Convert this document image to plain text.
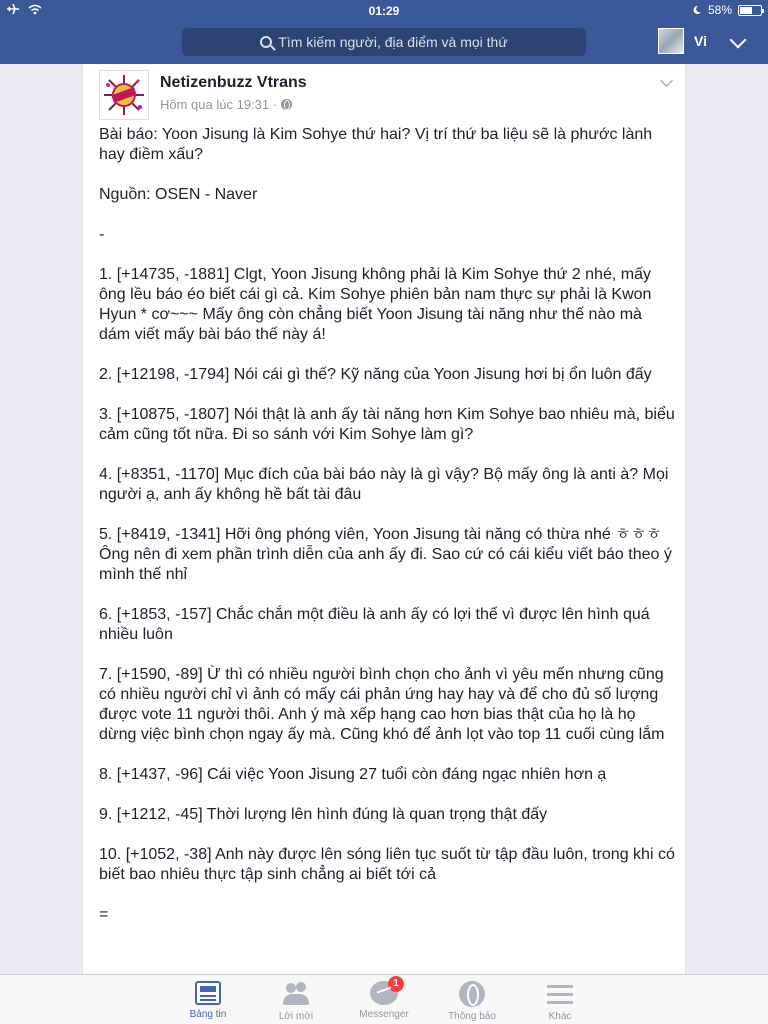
01:29	58%
Tìm kiếm người, địa điểm và mọi thứ	Vi
Netizenbuzz Vtrans
Hôm qua lúc 19:31 ·

Bài báo: Yoon Jisung là Kim Sohye thứ hai? Vị trí thứ ba liệu sẽ là phước lành hay điềm xấu?

Nguồn: OSEN - Naver

-

1. [+14735, -1881] Clgt, Yoon Jisung không phải là Kim Sohye thứ 2 nhé, mấy ông lều báo éo biết cái gì cả. Kim Sohye phiên bản nam thực sự phải là Kwon Hyun * cơ~~~ Mấy ông còn chẳng biết Yoon Jisung tài năng như thế nào mà dám viết mấy bài báo thế này á!

2. [+12198, -1794] Nói cái gì thế? Kỹ năng của Yoon Jisung hơi bị ổn luôn đấy

3. [+10875, -1807] Nói thật là anh ấy tài năng hơn Kim Sohye bao nhiêu mà, biểu cảm cũng tốt nữa. Đi so sánh với Kim Sohye làm gì?

4. [+8351, -1170] Mục đích của bài báo này là gì vậy? Bộ mấy ông là anti à? Mọi người ạ, anh ấy không hề bất tài đâu

5. [+8419, -1341] Hỡi ông phóng viên, Yoon Jisung tài năng có thừa nhé ㅎㅎㅎ Ông nên đi xem phần trình diễn của anh ấy đi. Sao cứ có cái kiểu viết báo theo ý mình thế nhỉ

6. [+1853, -157] Chắc chắn một điều là anh ấy có lợi thế vì được lên hình quá nhiều luôn

7. [+1590, -89] Ừ thì có nhiều người bình chọn cho ảnh vì yêu mến nhưng cũng có nhiều người chỉ vì ảnh có mấy cái phản ứng hay hay và để cho đủ số lượng được vote 11 người thôi. Anh ý mà xếp hạng cao hơn bias thật của họ là họ dừng việc bình chọn ngay ấy mà. Cũng khó để ảnh lọt vào top 11 cuối cùng lắm

8. [+1437, -96] Cái việc Yoon Jisung 27 tuổi còn đáng ngạc nhiên hơn ạ

9. [+1212, -45] Thời lượng lên hình đúng là quan trọng thật đấy

10. [+1052, -38] Anh này được lên sóng liên tục suốt từ tập đầu luôn, trong khi có biết bao nhiêu thực tập sinh chẳng ai biết tới cả

=

Bảng tin	Lời mời
1
Messenger	Thông báo	Khác
